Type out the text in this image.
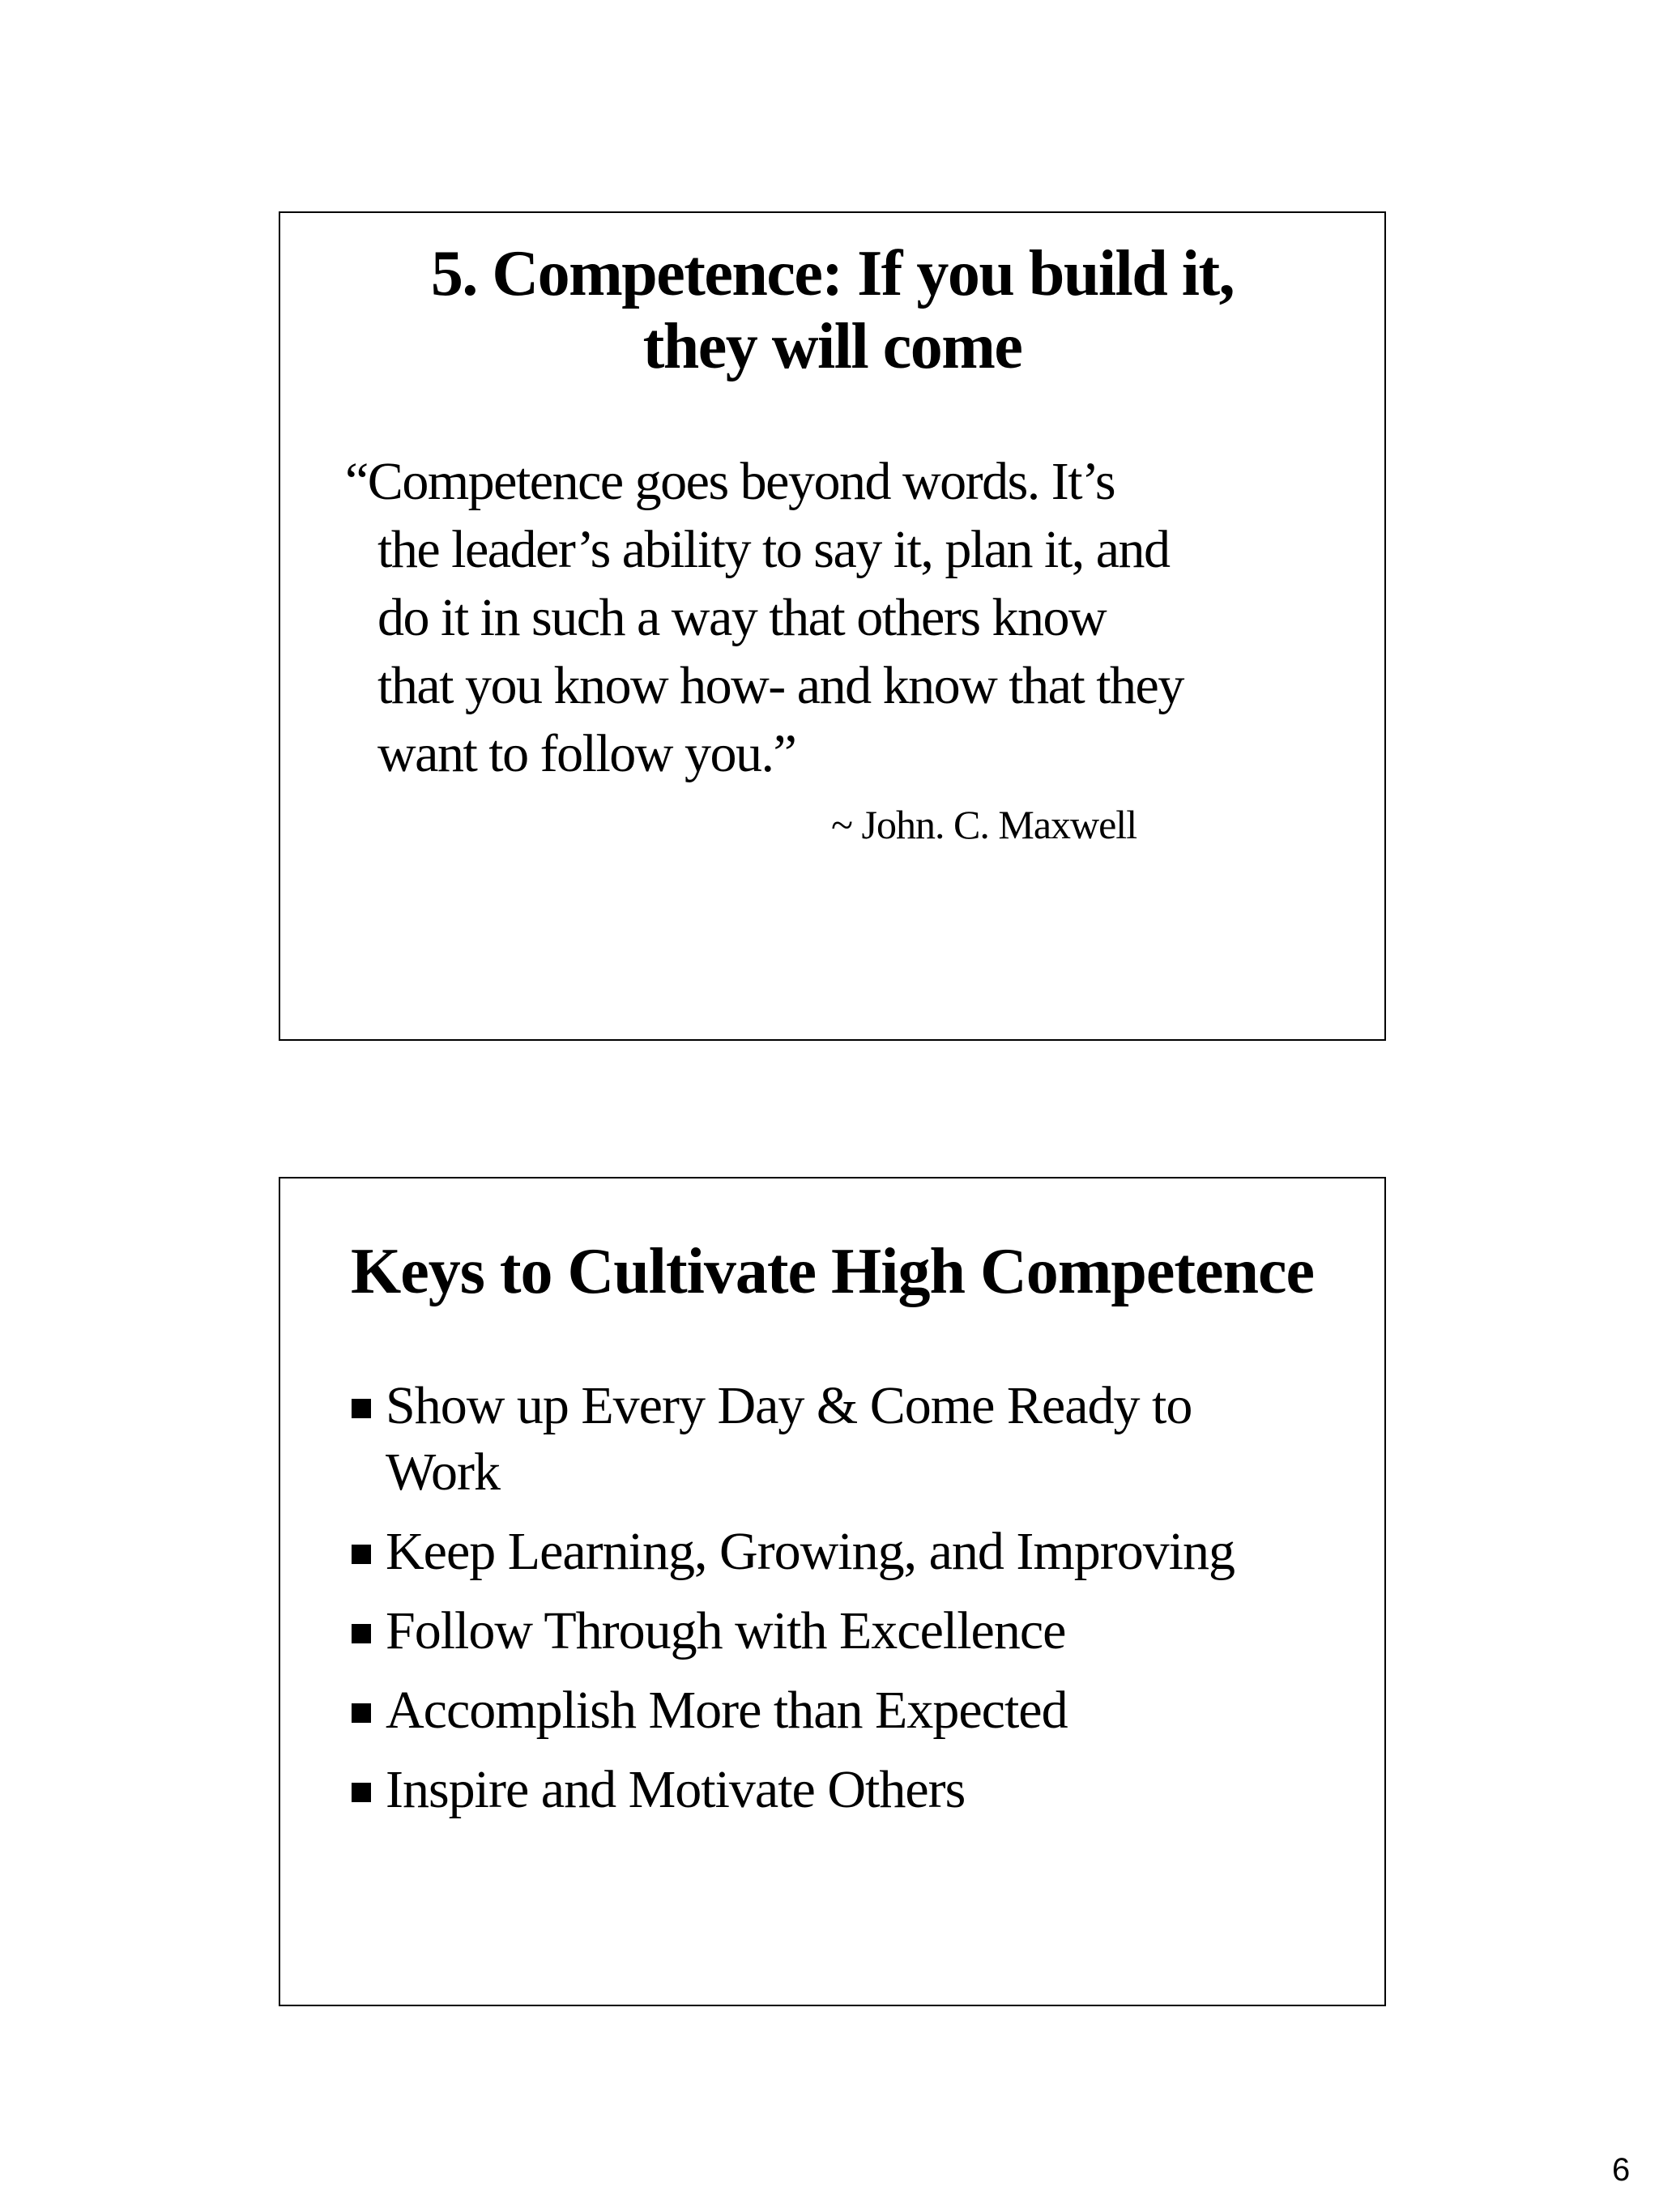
5. Competence: If you build it,
they will come
“Competence goes beyond words. It’s
the leader’s ability to say it, plan it, and
do it in such a way that others know
that you know how- and know that they
want to follow you.”
~ John. C. Maxwell
Keys to Cultivate High Competence
Show up Every Day & Come Ready to
Work
Keep Learning, Growing, and Improving
Follow Through with Excellence
Accomplish More than Expected
Inspire and Motivate Others
6
